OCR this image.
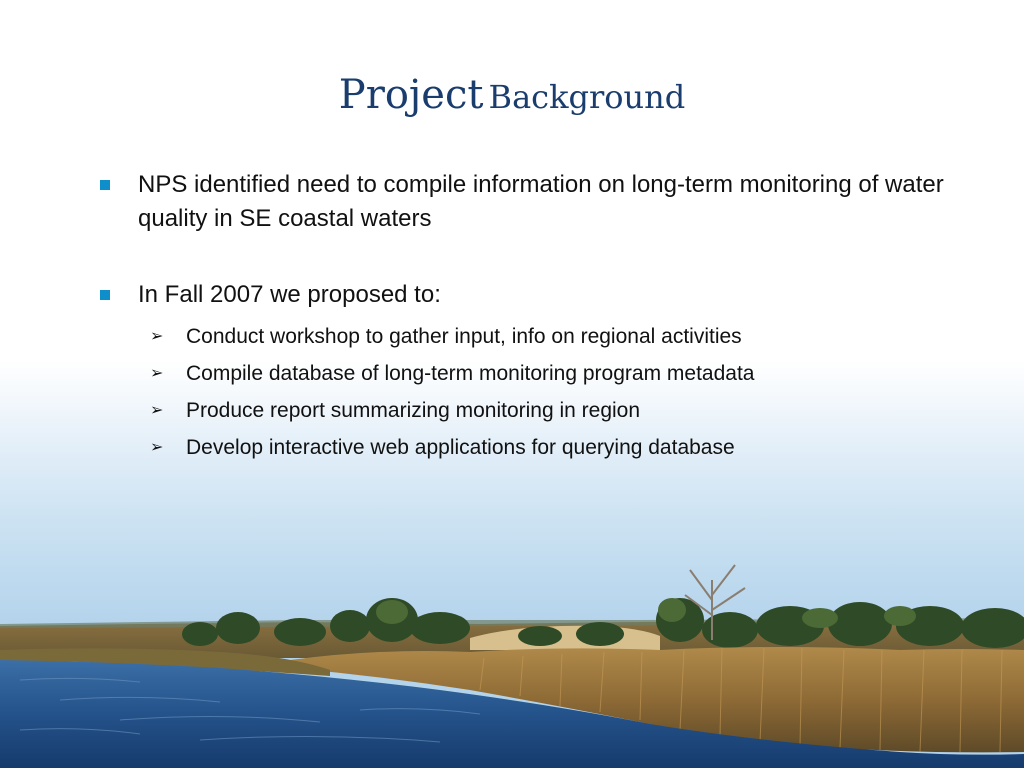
Project Background
NPS identified need to compile information on long-term monitoring of water quality in SE coastal waters
In Fall 2007 we proposed to:
➢ Conduct workshop to gather input, info on regional activities
➢ Compile database of long-term monitoring program metadata
➢ Produce report summarizing monitoring in region
➢ Develop interactive web applications for querying database
